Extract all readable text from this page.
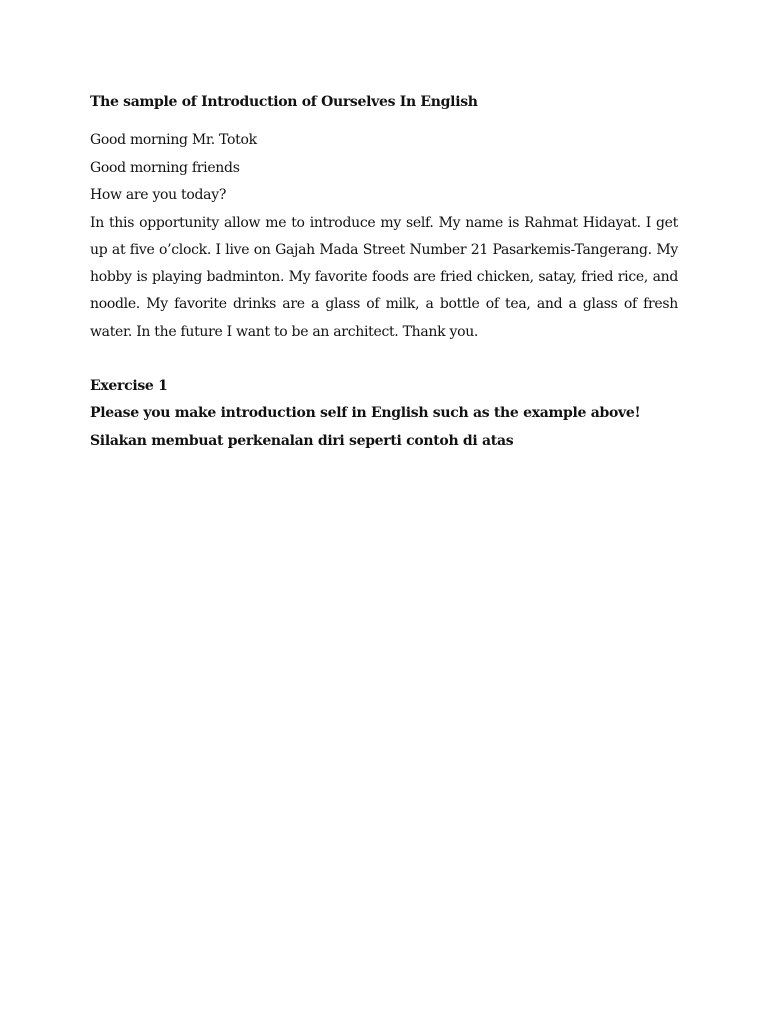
The sample of Introduction of Ourselves In English

Good morning Mr. Totok

Good morning friends

How are you today?

In this opportunity allow me to introduce my self. My name is Rahmat Hidayat. I get up at five o’clock. I live on Gajah Mada Street Number 21 Pasarkemis-Tangerang. My hobby is playing badminton. My favorite foods are fried chicken, satay, fried rice, and noodle. My favorite drinks are a glass of milk, a bottle of tea, and a glass of fresh water. In the future I want to be an architect. Thank you.

Exercise 1

Please you make introduction self in English such as the example above!

Silakan membuat perkenalan diri seperti contoh di atas
